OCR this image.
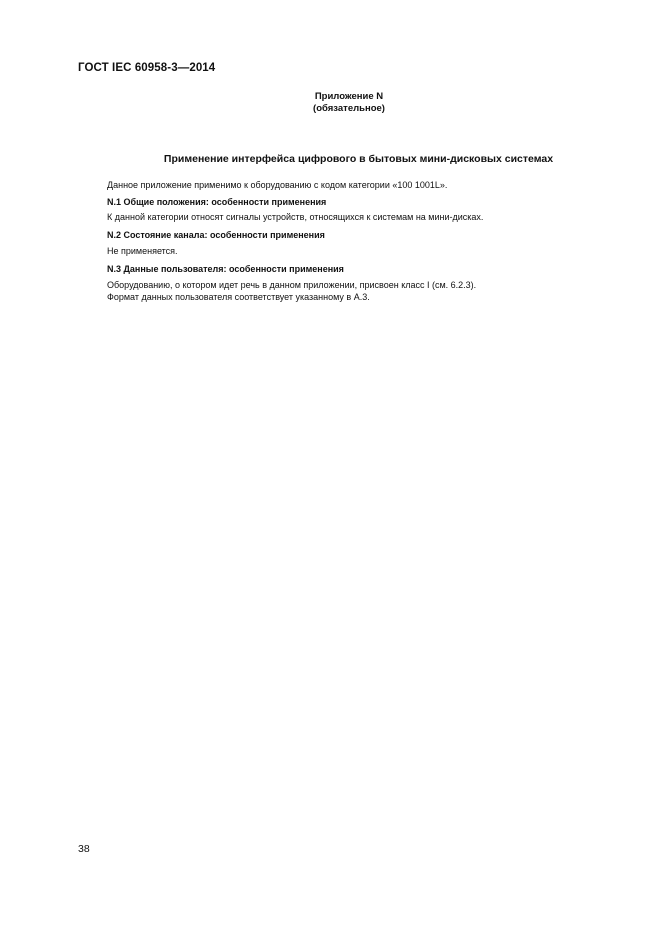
ГОСТ IEC 60958-3—2014
Приложение N
(обязательное)
Применение интерфейса цифрового в бытовых мини-дисковых системах
Данное приложение применимо к оборудованию с кодом категории «100 1001L».
N.1 Общие положения: особенности применения
К данной категории относят сигналы устройств, относящихся к системам на мини-дисках.
N.2 Состояние канала: особенности применения
Не применяется.
N.3 Данные пользователя: особенности применения
Оборудованию, о котором идет речь в данном приложении, присвоен класс I (см. 6.2.3).
Формат данных пользователя соответствует указанному в А.3.
38
